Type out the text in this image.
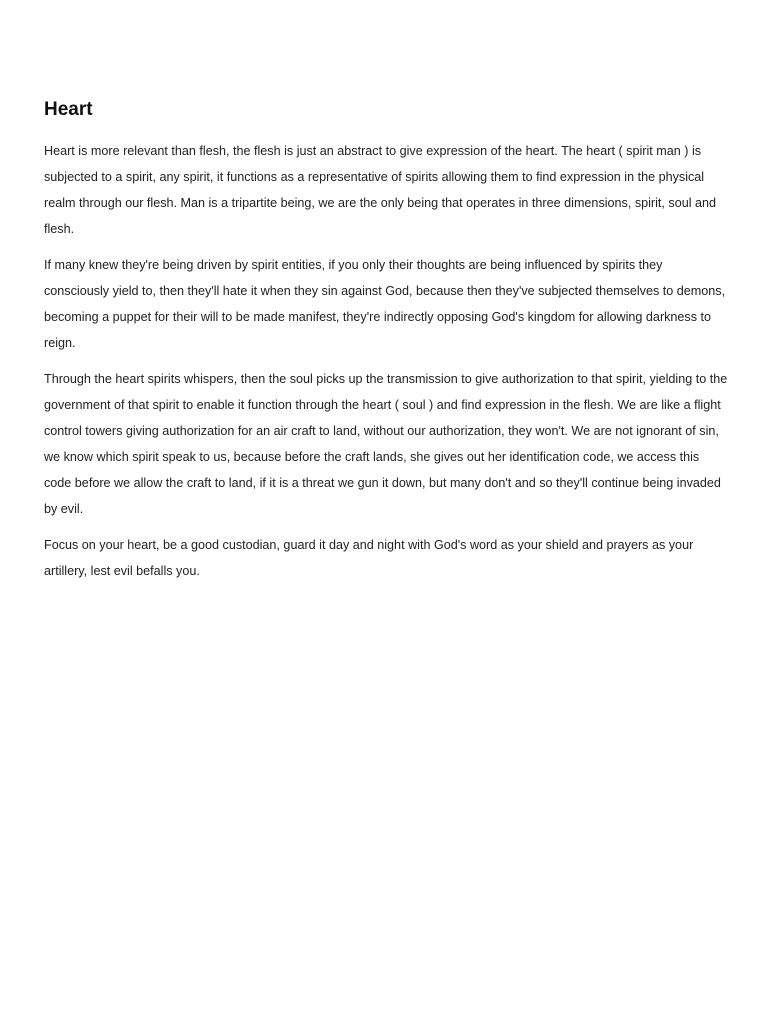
Heart

Heart is more relevant than flesh, the flesh is just an abstract to give expression of the heart. The heart ( spirit man ) is subjected to a spirit, any spirit, it functions as a representative of spirits allowing them to find expression in the physical realm through our flesh. Man is a tripartite being, we are the only being that operates in three dimensions, spirit, soul and flesh.

If many knew they're being driven by spirit entities, if you only their thoughts are being influenced by spirits they consciously yield to, then they'll hate it when they sin against God, because then they've subjected themselves to demons, becoming a puppet for their will to be made manifest, they're indirectly opposing God's kingdom for allowing darkness to reign.

Through the heart spirits whispers, then the soul picks up the transmission to give authorization to that spirit, yielding to the government of that spirit to enable it function through the heart ( soul ) and find expression in the flesh. We are like a flight control towers giving authorization for an air craft to land, without our authorization, they won't. We are not ignorant of sin, we know which spirit speak to us, because before the craft lands, she gives out her identification code, we access this code before we allow the craft to land, if it is a threat we gun it down, but many don't and so they'll continue being invaded by evil.

Focus on your heart, be a good custodian, guard it day and night with God's word as your shield and prayers as your artillery, lest evil befalls you.
